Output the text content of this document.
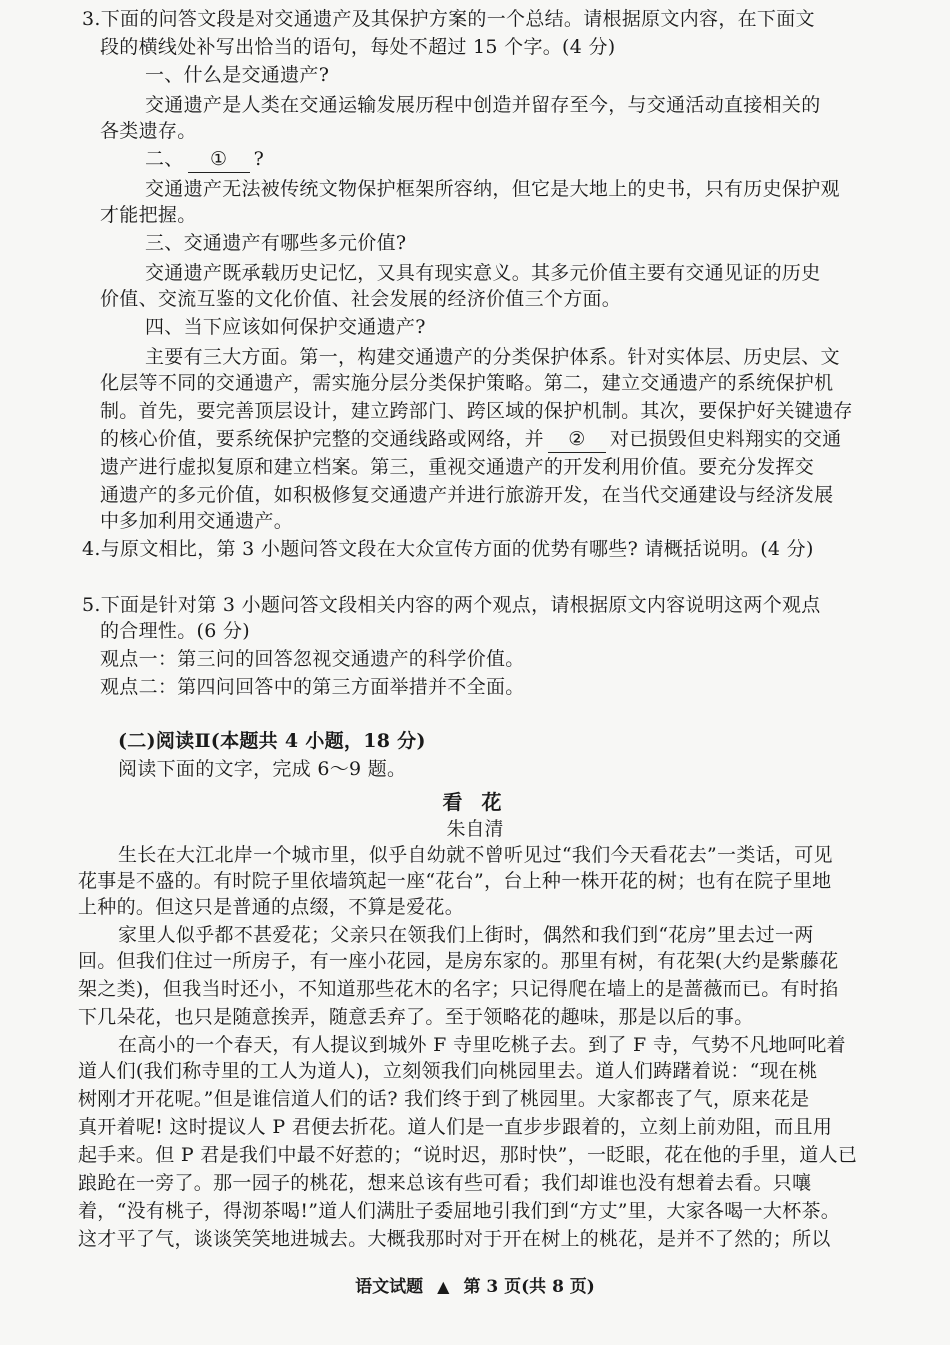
3.下面的问答文段是对交通遗产及其保护方案的一个总结。请根据原文内容，在下面文
段的横线处补写出恰当的语句，每处不超过 15 个字。(4 分)
一、什么是交通遗产?
交通遗产是人类在交通运输发展历程中创造并留存至今，与交通活动直接相关的
各类遗存。
二、 ① ?
交通遗产无法被传统文物保护框架所容纳，但它是大地上的史书，只有历史保护观
才能把握。
三、交通遗产有哪些多元价值?
交通遗产既承载历史记忆，又具有现实意义。其多元价值主要有交通见证的历史
价值、交流互鉴的文化价值、社会发展的经济价值三个方面。
四、当下应该如何保护交通遗产?
主要有三大方面。第一，构建交通遗产的分类保护体系。针对实体层、历史层、文
化层等不同的交通遗产，需实施分层分类保护策略。第二，建立交通遗产的系统保护机
制。首先，要完善顶层设计，建立跨部门、跨区域的保护机制。其次，要保护好关键遗存
的核心价值，要系统保护完整的交通线路或网络，并 ② 对已损毁但史料翔实的交通
遗产进行虚拟复原和建立档案。第三，重视交通遗产的开发利用价值。要充分发挥交
通遗产的多元价值，如积极修复交通遗产并进行旅游开发，在当代交通建设与经济发展
中多加利用交通遗产。
4.与原文相比，第 3 小题问答文段在大众宣传方面的优势有哪些? 请概括说明。(4 分)
5.下面是针对第 3 小题问答文段相关内容的两个观点，请根据原文内容说明这两个观点
的合理性。(6 分)
观点一：第三问的回答忽视交通遗产的科学价值。
观点二：第四问回答中的第三方面举措并不全面。
(二)阅读Ⅱ(本题共 4 小题，18 分)
阅读下面的文字，完成 6～9 题。
看 花
朱自清
生长在大江北岸一个城市里，似乎自幼就不曾听见过“我们今天看花去”一类话，可见
花事是不盛的。有时院子里依墙筑起一座“花台”，台上种一株开花的树；也有在院子里地
上种的。但这只是普通的点缀，不算是爱花。
家里人似乎都不甚爱花；父亲只在领我们上街时，偶然和我们到“花房”里去过一两
回。但我们住过一所房子，有一座小花园，是房东家的。那里有树，有花架(大约是紫藤花
架之类)，但我当时还小，不知道那些花木的名字；只记得爬在墙上的是蔷薇而已。有时掐
下几朵花，也只是随意挨弄，随意丢弃了。至于领略花的趣味，那是以后的事。
在高小的一个春天，有人提议到城外 F 寺里吃桃子去。到了 F 寺，气势不凡地呵叱着
道人们(我们称寺里的工人为道人)，立刻领我们向桃园里去。道人们踌躇着说：“现在桃
树刚才开花呢。”但是谁信道人们的话? 我们终于到了桃园里。大家都丧了气，原来花是
真开着呢! 这时提议人 P 君便去折花。道人们是一直步步跟着的，立刻上前劝阻，而且用
起手来。但 P 君是我们中最不好惹的；“说时迟，那时快”，一眨眼，花在他的手里，道人已
踉跄在一旁了。那一园子的桃花，想来总该有些可看；我们却谁也没有想着去看。只嚷
着，“没有桃子，得沏茶喝!”道人们满肚子委屈地引我们到“方丈”里，大家各喝一大杯茶。
这才平了气，谈谈笑笑地进城去。大概我那时对于开在树上的桃花，是并不了然的；所以
语文试题 ▲ 第 3 页(共 8 页)
